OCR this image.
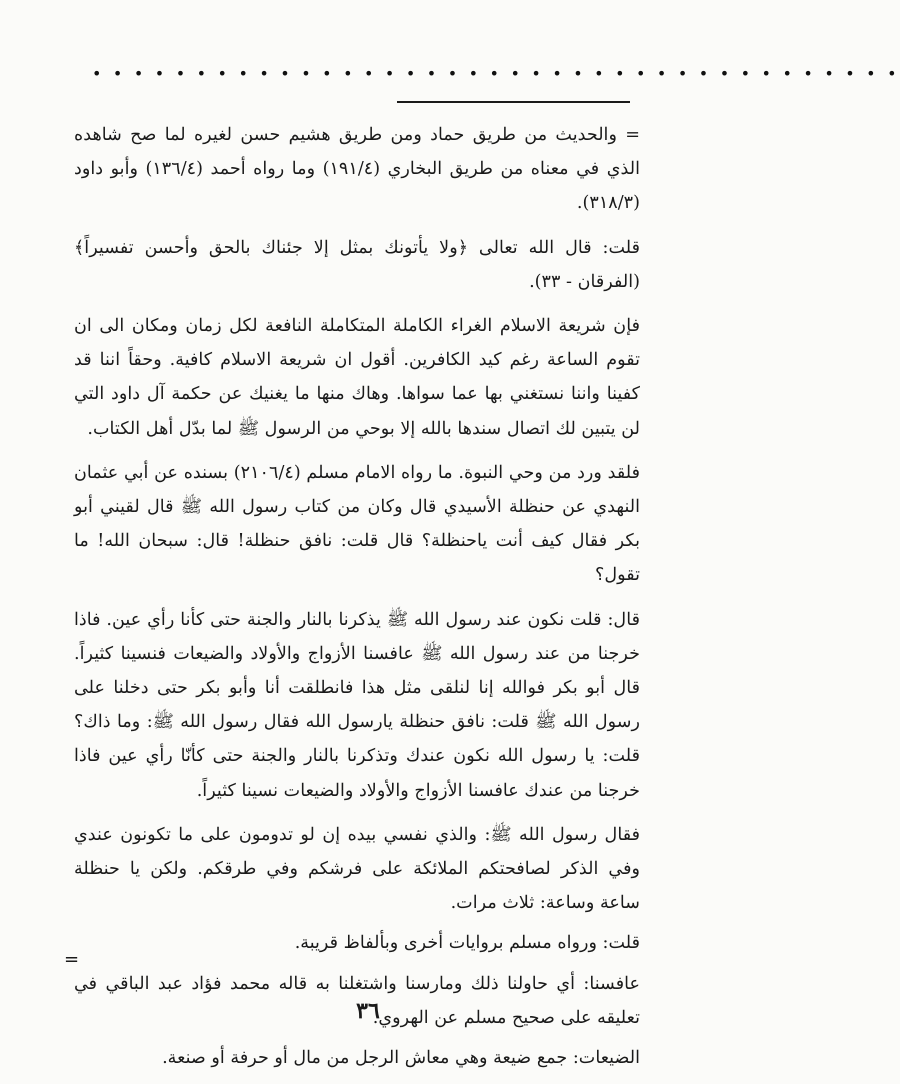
• • • • • • • • • • • • • • • • • • • • • • • • • • • • • • • • • • • • • • •

= والحديث من طريق حماد ومن طريق هشيم حسن لغيره لما صح شاهده الذي في معناه من طريق البخاري (١٩١/٤) وما رواه أحمد (١٣٦/٤) وأبو داود (٣١٨/٣).

قلت: قال الله تعالى ﴿ولا يأتونك بمثل إلا جئناك بالحق وأحسن تفسيراً﴾ (الفرقان - ٣٣).

فإن شريعة الاسلام الغراء الكاملة المتكاملة النافعة لكل زمان ومكان الى ان تقوم الساعة رغم كيد الكافرين. أقول ان شريعة الاسلام كافية. وحقاً اننا قد كفينا واننا نستغني بها عما سواها. وهاك منها ما يغنيك عن حكمة آل داود التي لن يتبين لك اتصال سندها بالله إلا بوحي من الرسول ﷺ لما بدّل أهل الكتاب.

فلقد ورد من وحي النبوة. ما رواه الامام مسلم (٢١٠٦/٤) بسنده عن أبي عثمان النهدي عن حنظلة الأسيدي قال وكان من كتاب رسول الله ﷺ قال لقيني أبو بكر فقال كيف أنت ياحنظلة؟ قال قلت: نافق حنظلة! قال: سبحان الله! ما تقول؟

قال: قلت نكون عند رسول الله ﷺ يذكرنا بالنار والجنة حتى كأنا رأي عين. فاذا خرجنا من عند رسول الله ﷺ عافسنا الأزواج والأولاد والضيعات فنسينا كثيراً. قال أبو بكر فوالله إنا لنلقى مثل هذا فانطلقت أنا وأبو بكر حتى دخلنا على رسول الله ﷺ قلت: نافق حنظلة يارسول الله فقال رسول الله ﷺ: وما ذاك؟ قلت: يا رسول الله نكون عندك وتذكرنا بالنار والجنة حتى كأنّا رأي عين فاذا خرجنا من عندك عافسنا الأزواج والأولاد والضيعات نسينا كثيراً.

فقال رسول الله ﷺ: والذي نفسي بيده إن لو تدومون على ما تكونون عندي وفي الذكر لصافحتكم الملائكة على فرشكم وفي طرقكم. ولكن يا حنظلة ساعة وساعة: ثلاث مرات.

قلت: ورواه مسلم بروايات أخرى وبألفاظ قريبة.

عافسنا: أي حاولنا ذلك ومارسنا واشتغلنا به قاله محمد فؤاد عبد الباقي في تعليقه على صحيح مسلم عن الهروي.

الضيعات: جمع ضيعة وهي معاش الرجل من مال أو حرفة أو صنعة.

=
٣٦
